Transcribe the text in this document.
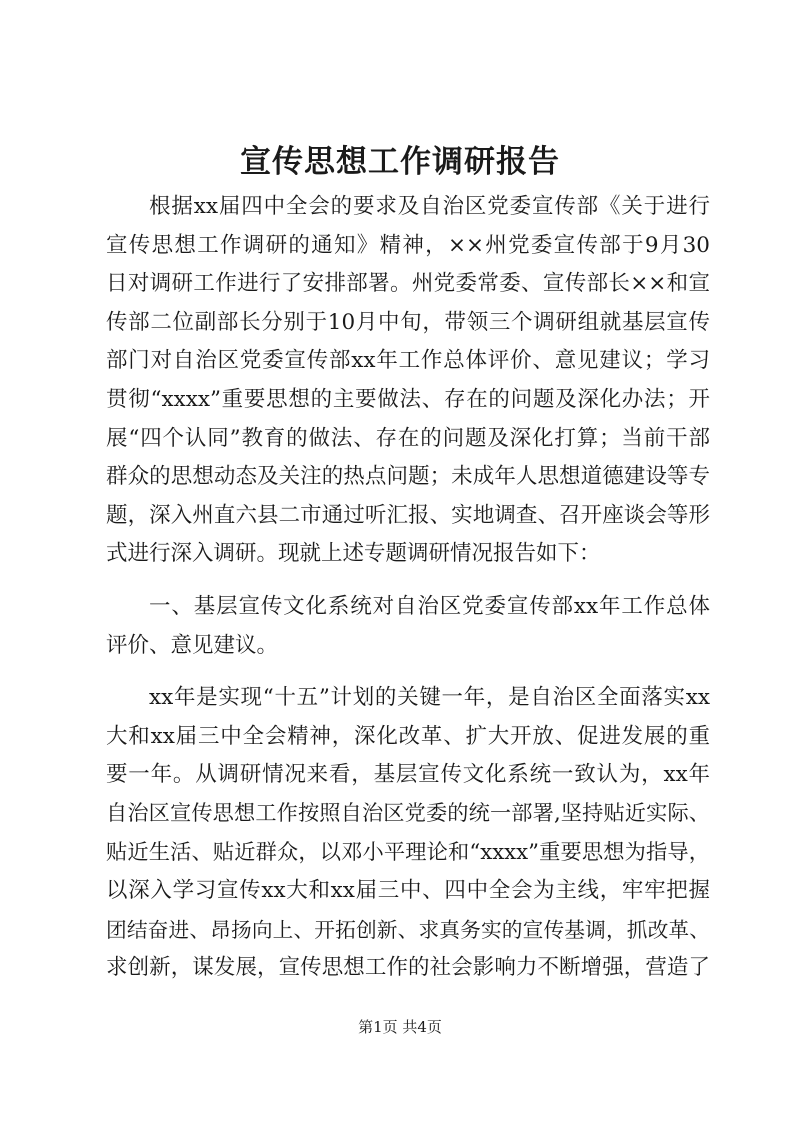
宣传思想工作调研报告
根据xx届四中全会的要求及自治区党委宣传部《关于进行
宣传思想工作调研的通知》精神，××州党委宣传部于9月30
日对调研工作进行了安排部署。州党委常委、宣传部长××和宣
传部二位副部长分别于10月中旬，带领三个调研组就基层宣传
部门对自治区党委宣传部xx年工作总体评价、意见建议；学习
贯彻“xxxx”重要思想的主要做法、存在的问题及深化办法；开
展“四个认同”教育的做法、存在的问题及深化打算；当前干部
群众的思想动态及关注的热点问题；未成年人思想道德建设等专
题，深入州直六县二市通过听汇报、实地调查、召开座谈会等形
式进行深入调研。现就上述专题调研情况报告如下：
一、基层宣传文化系统对自治区党委宣传部xx年工作总体
评价、意见建议。
xx年是实现“十五”计划的关键一年，是自治区全面落实xx
大和xx届三中全会精神，深化改革、扩大开放、促进发展的重
要一年。从调研情况来看，基层宣传文化系统一致认为，xx年
自治区宣传思想工作按照自治区党委的统一部署,坚持贴近实际、
贴近生活、贴近群众，以邓小平理论和“xxxx”重要思想为指导，
以深入学习宣传xx大和xx届三中、四中全会为主线，牢牢把握
团结奋进、昂扬向上、开拓创新、求真务实的宣传基调，抓改革、
求创新，谋发展，宣传思想工作的社会影响力不断增强，营造了
第1页 共4页
